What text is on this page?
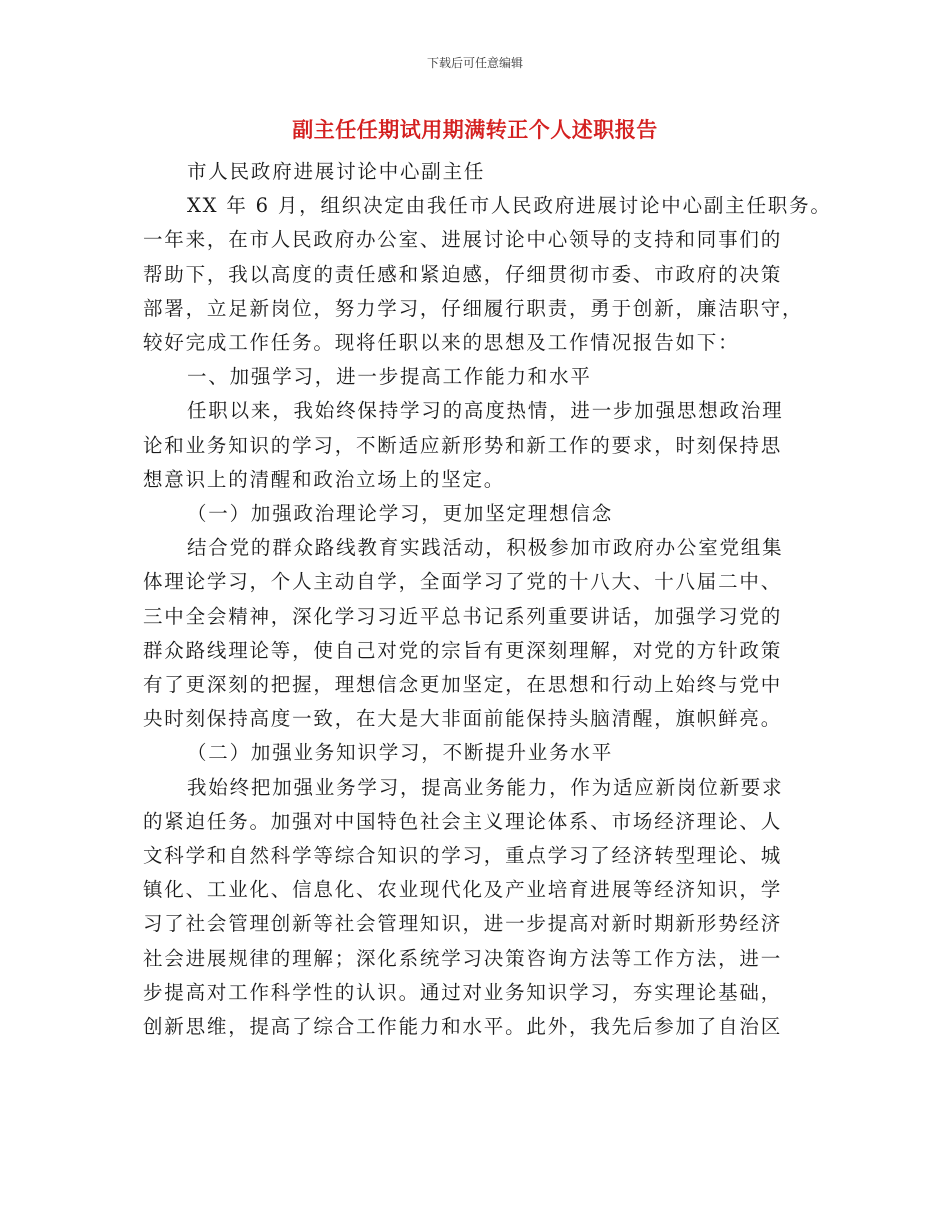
下载后可任意编辑
副主任任期试用期满转正个人述职报告
市人民政府进展讨论中心副主任
XX 年 6 月，组织决定由我任市人民政府进展讨论中心副主任职务。
一年来，在市人民政府办公室、进展讨论中心领导的支持和同事们的
帮助下，我以高度的责任感和紧迫感，仔细贯彻市委、市政府的决策
部署，立足新岗位，努力学习，仔细履行职责，勇于创新，廉洁职守，
较好完成工作任务。现将任职以来的思想及工作情况报告如下：
一、加强学习，进一步提高工作能力和水平
任职以来，我始终保持学习的高度热情，进一步加强思想政治理
论和业务知识的学习，不断适应新形势和新工作的要求，时刻保持思
想意识上的清醒和政治立场上的坚定。
（一）加强政治理论学习，更加坚定理想信念
结合党的群众路线教育实践活动，积极参加市政府办公室党组集
体理论学习，个人主动自学，全面学习了党的十八大、十八届二中、
三中全会精神，深化学习习近平总书记系列重要讲话，加强学习党的
群众路线理论等，使自己对党的宗旨有更深刻理解，对党的方针政策
有了更深刻的把握，理想信念更加坚定，在思想和行动上始终与党中
央时刻保持高度一致，在大是大非面前能保持头脑清醒，旗帜鲜亮。
（二）加强业务知识学习，不断提升业务水平
我始终把加强业务学习，提高业务能力，作为适应新岗位新要求
的紧迫任务。加强对中国特色社会主义理论体系、市场经济理论、人
文科学和自然科学等综合知识的学习，重点学习了经济转型理论、城
镇化、工业化、信息化、农业现代化及产业培育进展等经济知识，学
习了社会管理创新等社会管理知识，进一步提高对新时期新形势经济
社会进展规律的理解；深化系统学习决策咨询方法等工作方法，进一
步提高对工作科学性的认识。通过对业务知识学习，夯实理论基础，
创新思维，提高了综合工作能力和水平。此外，我先后参加了自治区
